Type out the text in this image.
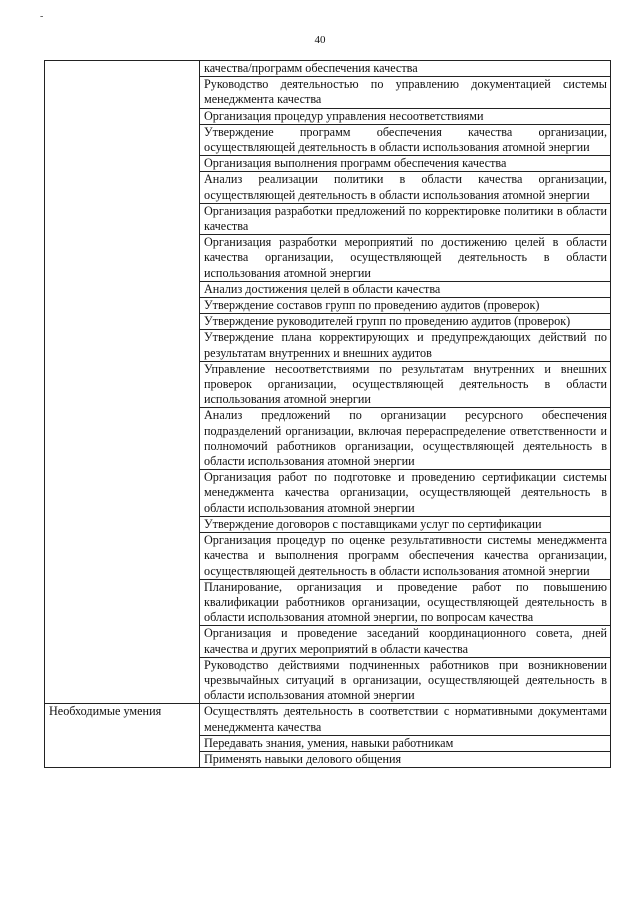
-
40
	качества/программ обеспечения качества
	Руководство деятельностью по управлению документацией системы менеджмента качества
	Организация процедур управления несоответствиями
	Утверждение программ обеспечения качества организации, осуществляющей деятельность в области использования атомной энергии
	Организация выполнения программ обеспечения качества
	Анализ реализации политики в области качества организации, осуществляющей деятельность в области использования атомной энергии
	Организация разработки предложений по корректировке политики в области качества
	Организация разработки мероприятий по достижению целей в области качества организации, осуществляющей деятельность в области использования атомной энергии
	Анализ достижения целей в области качества
	Утверждение составов групп по проведению аудитов (проверок)
	Утверждение руководителей групп по проведению аудитов (проверок)
	Утверждение плана корректирующих и предупреждающих действий по результатам внутренних и внешних аудитов
	Управление несоответствиями по результатам внутренних и внешних проверок организации, осуществляющей деятельность в области использования атомной энергии
	Анализ предложений по организации ресурсного обеспечения подразделений организации, включая перераспределение ответственности и полномочий работников организации, осуществляющей деятельность в области использования атомной энергии
	Организация работ по подготовке и проведению сертификации системы менеджмента качества организации, осуществляющей деятельность в области использования атомной энергии
	Утверждение договоров с поставщиками услуг по сертификации
	Организация процедур по оценке результативности системы менеджмента качества и выполнения программ обеспечения качества организации, осуществляющей деятельность в области использования атомной энергии
	Планирование, организация и проведение работ по повышению квалификации работников организации, осуществляющей деятельность в области использования атомной энергии, по вопросам качества
	Организация и проведение заседаний координационного совета, дней качества и других мероприятий в области качества
	Руководство действиями подчиненных работников при возникновении чрезвычайных ситуаций в организации, осуществляющей деятельность в области использования атомной энергии
Необходимые умения	Осуществлять деятельность в соответствии с нормативными документами менеджмента качества
	Передавать знания, умения, навыки работникам
	Применять навыки делового общения
